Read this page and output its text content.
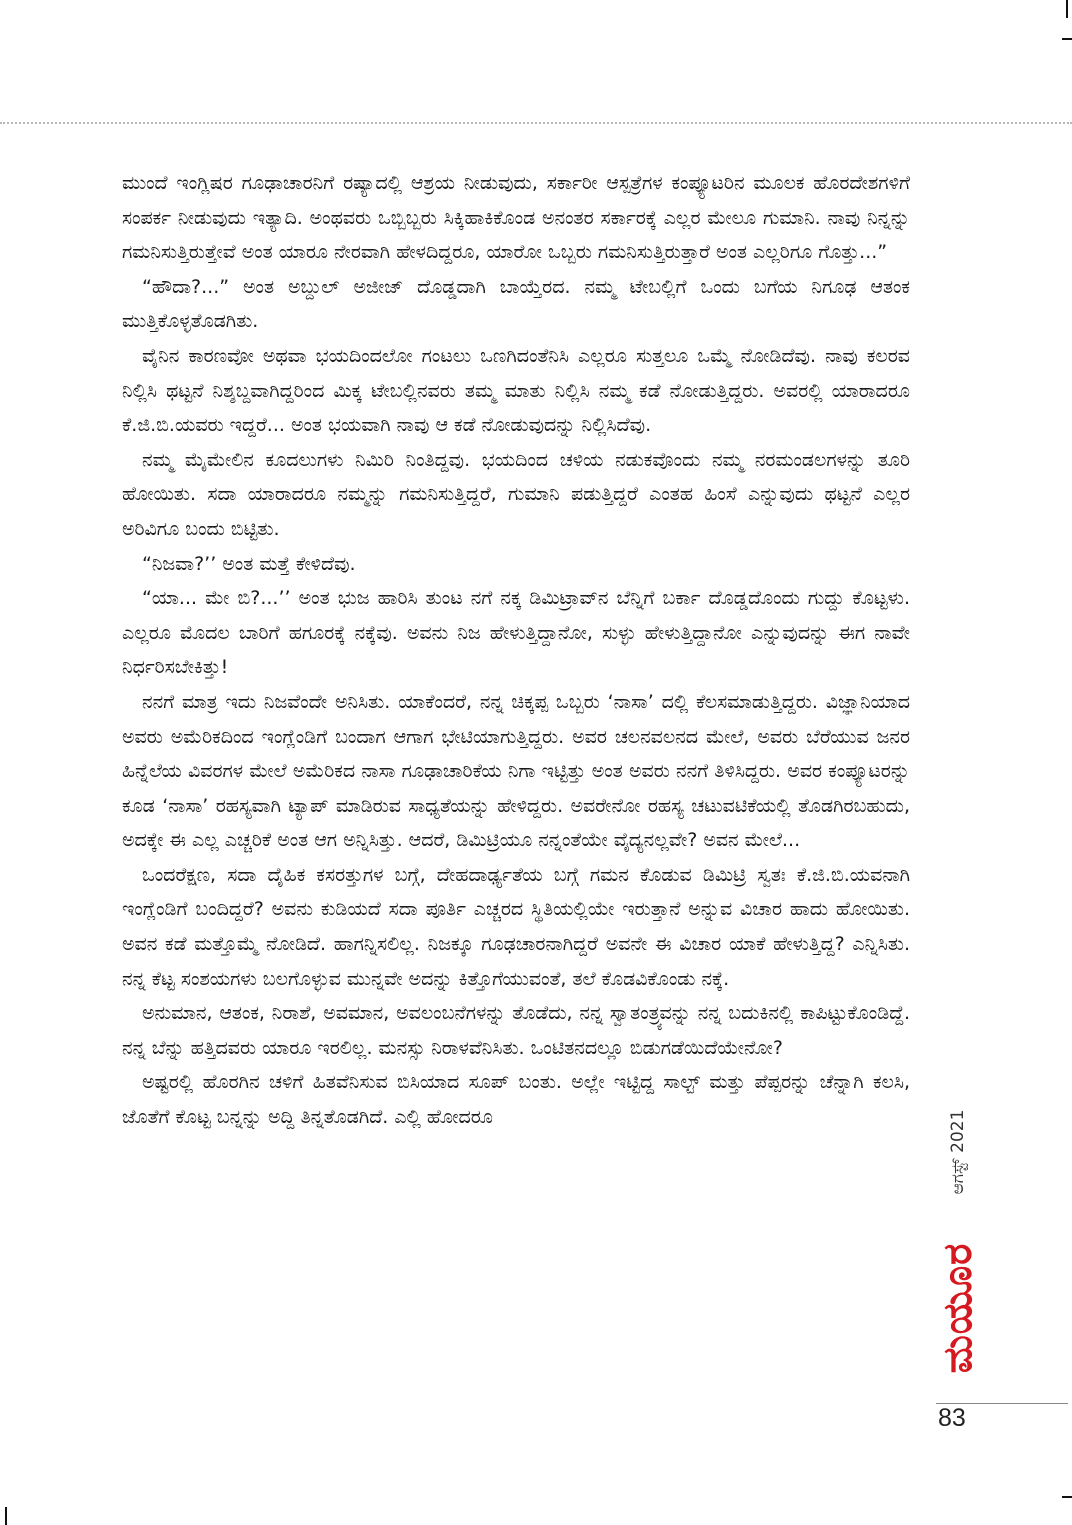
ಮುಂದೆ ಇಂಗ್ಲಿಷರ ಗೂಢಾಚಾರನಿಗೆ ರಷ್ಯಾದಲ್ಲಿ ಆಶ್ರಯ ನೀಡುವುದು, ಸರ್ಕಾರೀ ಆಸ್ಪತ್ರೆಗಳ ಕಂಪ್ಯೂಟರಿನ ಮೂಲಕ ಹೊರದೇಶಗಳಿಗೆ ಸಂಪರ್ಕ ನೀಡುವುದು ಇತ್ಯಾದಿ. ಅಂಥವರು ಒಬ್ಬಿಬ್ಬರು ಸಿಕ್ಕಿಹಾಕಿಕೊಂಡ ಅನಂತರ ಸರ್ಕಾರಕ್ಕೆ ಎಲ್ಲರ ಮೇಲೂ ಗುಮಾನಿ. ನಾವು ನಿನ್ನನ್ನು ಗಮನಿಸುತ್ತಿರುತ್ತೇವೆ ಅಂತ ಯಾರೂ ನೇರವಾಗಿ ಹೇಳದಿದ್ದರೂ, ಯಾರೋ ಒಬ್ಬರು ಗಮನಿಸುತ್ತಿರುತ್ತಾರೆ ಅಂತ ಎಲ್ಲರಿಗೂ ಗೊತ್ತು...”

“ಹೌದಾ?...” ಅಂತ ಅಬ್ದುಲ್ ಅಜೀಜ್ ದೊಡ್ಡದಾಗಿ ಬಾಯ್ತೆರದ. ನಮ್ಮ ಟೇಬಲ್ಲಿಗೆ ಒಂದು ಬಗೆಯ ನಿಗೂಢ ಆತಂಕ ಮುತ್ತಿಕೊಳ್ಳತೊಡಗಿತು.

ವೈನಿನ ಕಾರಣವೋ ಅಥವಾ ಭಯದಿಂದಲೋ ಗಂಟಲು ಒಣಗಿದಂತೆನಿಸಿ ಎಲ್ಲರೂ ಸುತ್ತಲೂ ಒಮ್ಮೆ ನೋಡಿದೆವು. ನಾವು ಕಲರವ ನಿಲ್ಲಿಸಿ ಥಟ್ಟನೆ ನಿಶ್ಶಬ್ದವಾಗಿದ್ದರಿಂದ ಮಿಕ್ಕ ಟೇಬಲ್ಲಿನವರು ತಮ್ಮ ಮಾತು ನಿಲ್ಲಿಸಿ ನಮ್ಮ ಕಡೆ ನೋಡುತ್ತಿದ್ದರು. ಅವರಲ್ಲಿ ಯಾರಾದರೂ ಕೆ.ಜಿ.ಬಿ.ಯವರು ಇದ್ದರೆ... ಅಂತ ಭಯವಾಗಿ ನಾವು ಆ ಕಡೆ ನೋಡುವುದನ್ನು ನಿಲ್ಲಿಸಿದೆವು.

ನಮ್ಮ ಮೈಮೇಲಿನ ಕೂದಲುಗಳು ನಿಮಿರಿ ನಿಂತಿದ್ದವು. ಭಯದಿಂದ ಚಳಿಯ ನಡುಕವೊಂದು ನಮ್ಮ ನರಮಂಡಲಗಳನ್ನು ತೂರಿ ಹೋಯಿತು. ಸದಾ ಯಾರಾದರೂ ನಮ್ಮನ್ನು ಗಮನಿಸುತ್ತಿದ್ದರೆ, ಗುಮಾನಿ ಪಡುತ್ತಿದ್ದರೆ ಎಂತಹ ಹಿಂಸೆ ಎನ್ನುವುದು ಥಟ್ಟನೆ ಎಲ್ಲರ ಅರಿವಿಗೂ ಬಂದು ಬಿಟ್ಟಿತು.

“ನಿಜವಾ?’’ ಅಂತ ಮತ್ತೆ ಕೇಳಿದೆವು.

“ಯಾ... ಮೇ ಬಿ?...’’ ಅಂತ ಭುಜ ಹಾರಿಸಿ ತುಂಟ ನಗೆ ನಕ್ಕ ಡಿಮಿಟ್ರಾವ್‌ನ ಬೆನ್ನಿಗೆ ಬರ್ಕಾ ದೊಡ್ಡದೊಂದು ಗುದ್ದು ಕೊಟ್ಟಳು. ಎಲ್ಲರೂ ಮೊದಲ ಬಾರಿಗೆ ಹಗೂರಕ್ಕೆ ನಕ್ಕೆವು. ಅವನು ನಿಜ ಹೇಳುತ್ತಿದ್ದಾನೋ, ಸುಳ್ಳು ಹೇಳುತ್ತಿದ್ದಾನೋ ಎನ್ನುವುದನ್ನು ಈಗ ನಾವೇ ನಿರ್ಧರಿಸಬೇಕಿತ್ತು!

ನನಗೆ ಮಾತ್ರ ಇದು ನಿಜವೆಂದೇ ಅನಿಸಿತು. ಯಾಕೆಂದರೆ, ನನ್ನ ಚಿಕ್ಕಪ್ಪ ಒಬ್ಬರು ‘ನಾಸಾ’ ದಲ್ಲಿ ಕೆಲಸಮಾಡುತ್ತಿದ್ದರು. ವಿಜ್ಞಾನಿಯಾದ ಅವರು ಅಮೆರಿಕದಿಂದ ಇಂಗ್ಲೆಂಡಿಗೆ ಬಂದಾಗ ಆಗಾಗ ಭೇಟಿಯಾಗುತ್ತಿದ್ದರು. ಅವರ ಚಲನವಲನದ ಮೇಲೆ, ಅವರು ಬೆರೆಯುವ ಜನರ ಹಿನ್ನೆಲೆಯ ವಿವರಗಳ ಮೇಲೆ ಅಮೆರಿಕದ ನಾಸಾ ಗೂಢಾಚಾರಿಕೆಯ ನಿಗಾ ಇಟ್ಟಿತ್ತು ಅಂತ ಅವರು ನನಗೆ ತಿಳಿಸಿದ್ದರು. ಅವರ ಕಂಪ್ಯೂಟರನ್ನು ಕೂಡ ‘ನಾಸಾ’ ರಹಸ್ಯವಾಗಿ ಟ್ಯಾಪ್ ಮಾಡಿರುವ ಸಾಧ್ಯತೆಯನ್ನು ಹೇಳಿದ್ದರು. ಅವರೇನೋ ರಹಸ್ಯ ಚಟುವಟಿಕೆಯಲ್ಲಿ ತೊಡಗಿರಬಹುದು, ಅದಕ್ಕೇ ಈ ಎಲ್ಲ ಎಚ್ಚರಿಕೆ ಅಂತ ಆಗ ಅನ್ನಿಸಿತ್ತು. ಆದರೆ, ಡಿಮಿಟ್ರಿಯೂ ನನ್ನಂತೆಯೇ ವೈದ್ಯನಲ್ಲವೇ? ಅವನ ಮೇಲೆ...

ಒಂದರೆಕ್ಷಣ, ಸದಾ ದೈಹಿಕ ಕಸರತ್ತುಗಳ ಬಗ್ಗೆ, ದೇಹದಾರ್ಢ್ಯತೆಯ ಬಗ್ಗೆ ಗಮನ ಕೊಡುವ ಡಿಮಿಟ್ರಿ ಸ್ವತಃ ಕೆ.ಜಿ.ಬಿ.ಯವನಾಗಿ ಇಂಗ್ಲೆಂಡಿಗೆ ಬಂದಿದ್ದರೆ? ಅವನು ಕುಡಿಯದೆ ಸದಾ ಪೂರ್ತಿ ಎಚ್ಚರದ ಸ್ಥಿತಿಯಲ್ಲಿಯೇ ಇರುತ್ತಾನೆ ಅನ್ನುವ ವಿಚಾರ ಹಾದು ಹೋಯಿತು. ಅವನ ಕಡೆ ಮತ್ತೊಮ್ಮೆ ನೋಡಿದೆ. ಹಾಗನ್ನಿಸಲಿಲ್ಲ. ನಿಜಕ್ಕೂ ಗೂಢಚಾರನಾಗಿದ್ದರೆ ಅವನೇ ಈ ವಿಚಾರ ಯಾಕೆ ಹೇಳುತ್ತಿದ್ದ? ಎನ್ನಿಸಿತು. ನನ್ನ ಕೆಟ್ಟ ಸಂಶಯಗಳು ಬಲಗೊಳ್ಳುವ ಮುನ್ನವೇ ಅದನ್ನು ಕಿತ್ತೊಗೆಯುವಂತೆ, ತಲೆ ಕೊಡವಿಕೊಂಡು ನಕ್ಕೆ.

ಅನುಮಾನ, ಆತಂಕ, ನಿರಾಶೆ, ಅವಮಾನ, ಅವಲಂಬನೆಗಳನ್ನು ತೊಡೆದು, ನನ್ನ ಸ್ವಾತಂತ್ರ್ಯವನ್ನು ನನ್ನ ಬದುಕಿನಲ್ಲಿ ಕಾಪಿಟ್ಟುಕೊಂಡಿದ್ದೆ. ನನ್ನ ಬೆನ್ನು ಹತ್ತಿದವರು ಯಾರೂ ಇರಲಿಲ್ಲ. ಮನಸ್ಸು ನಿರಾಳವೆನಿಸಿತು. ಒಂಟಿತನದಲ್ಲೂ ಬಿಡುಗಡೆಯಿದೆಯೇನೋ?

ಅಷ್ಟರಲ್ಲಿ ಹೊರಗಿನ ಚಳಿಗೆ ಹಿತವೆನಿಸುವ ಬಿಸಿಯಾದ ಸೂಪ್ ಬಂತು. ಅಲ್ಲೇ ಇಟ್ಟಿದ್ದ ಸಾಲ್ಟ್ ಮತ್ತು ಪೆಪ್ಪರನ್ನು ಚೆನ್ನಾಗಿ ಕಲಸಿ, ಜೊತೆಗೆ ಕೊಟ್ಟ ಬನ್ನನ್ನು ಅದ್ದಿ ತಿನ್ನತೊಡಗಿದೆ. ಎಲ್ಲಿ ಹೋದರೂ	ಆಗಸ್ಟ್ 2021
ಮಯೂರ
83
